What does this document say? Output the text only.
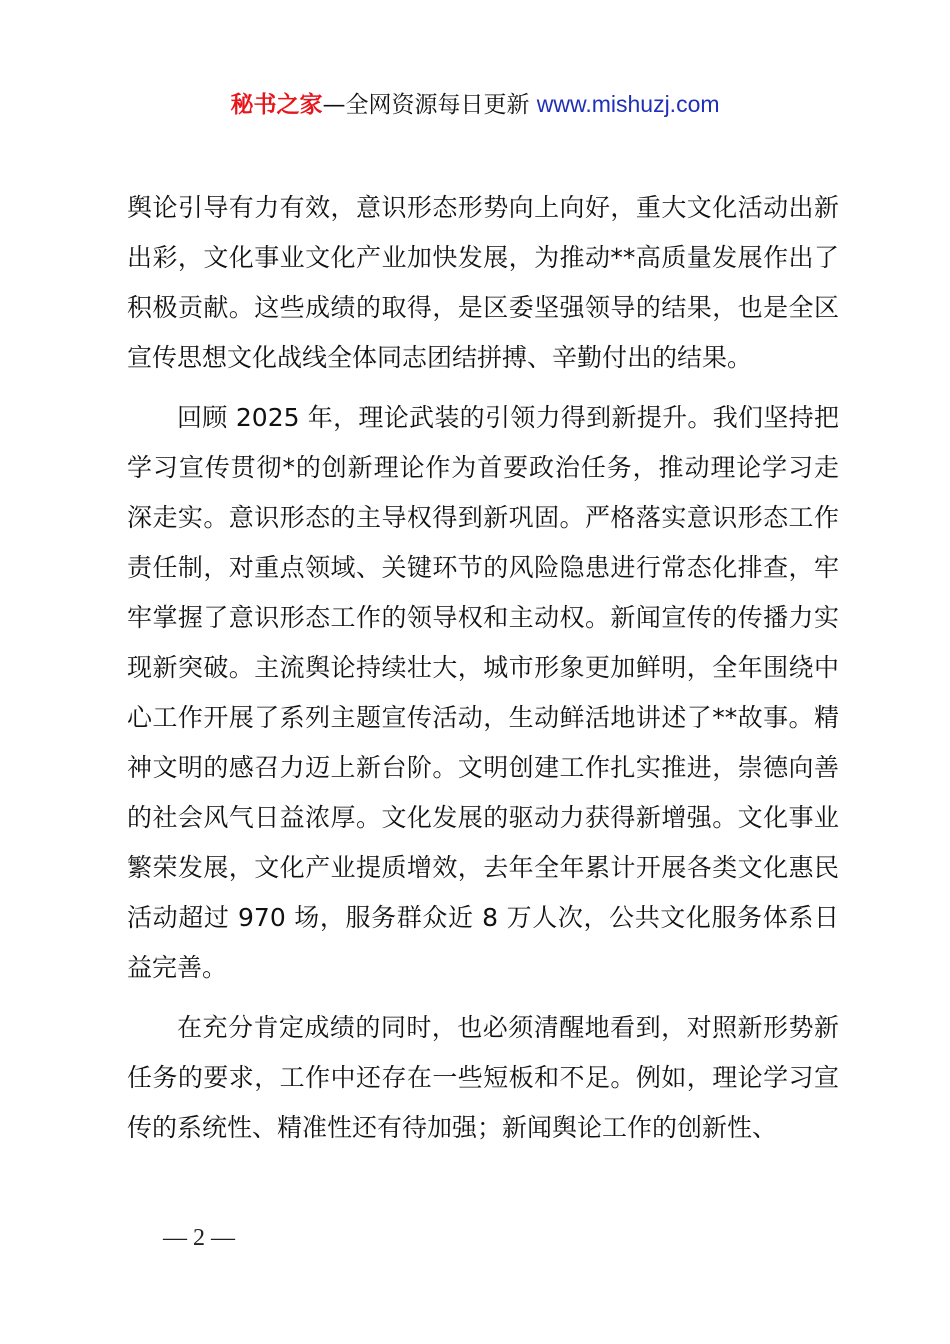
秘书之家—全网资源每日更新 www.mishuzj.com

舆论引导有力有效，意识形态形势向上向好，重大文化活动出新出彩，文化事业文化产业加快发展，为推动**高质量发展作出了积极贡献。这些成绩的取得，是区委坚强领导的结果，也是全区宣传思想文化战线全体同志团结拼搏、辛勤付出的结果。

回顾 2025 年，理论武装的引领力得到新提升。我们坚持把学习宣传贯彻*的创新理论作为首要政治任务，推动理论学习走深走实。意识形态的主导权得到新巩固。严格落实意识形态工作责任制，对重点领域、关键环节的风险隐患进行常态化排查，牢牢掌握了意识形态工作的领导权和主动权。新闻宣传的传播力实现新突破。主流舆论持续壮大，城市形象更加鲜明，全年围绕中心工作开展了系列主题宣传活动，生动鲜活地讲述了**故事。精神文明的感召力迈上新台阶。文明创建工作扎实推进，崇德向善的社会风气日益浓厚。文化发展的驱动力获得新增强。文化事业繁荣发展，文化产业提质增效，去年全年累计开展各类文化惠民活动超过 970 场，服务群众近 8 万人次，公共文化服务体系日益完善。

在充分肯定成绩的同时，也必须清醒地看到，对照新形势新任务的要求，工作中还存在一些短板和不足。例如，理论学习宣传的系统性、精准性还有待加强；新闻舆论工作的创新性、

— 2 —
